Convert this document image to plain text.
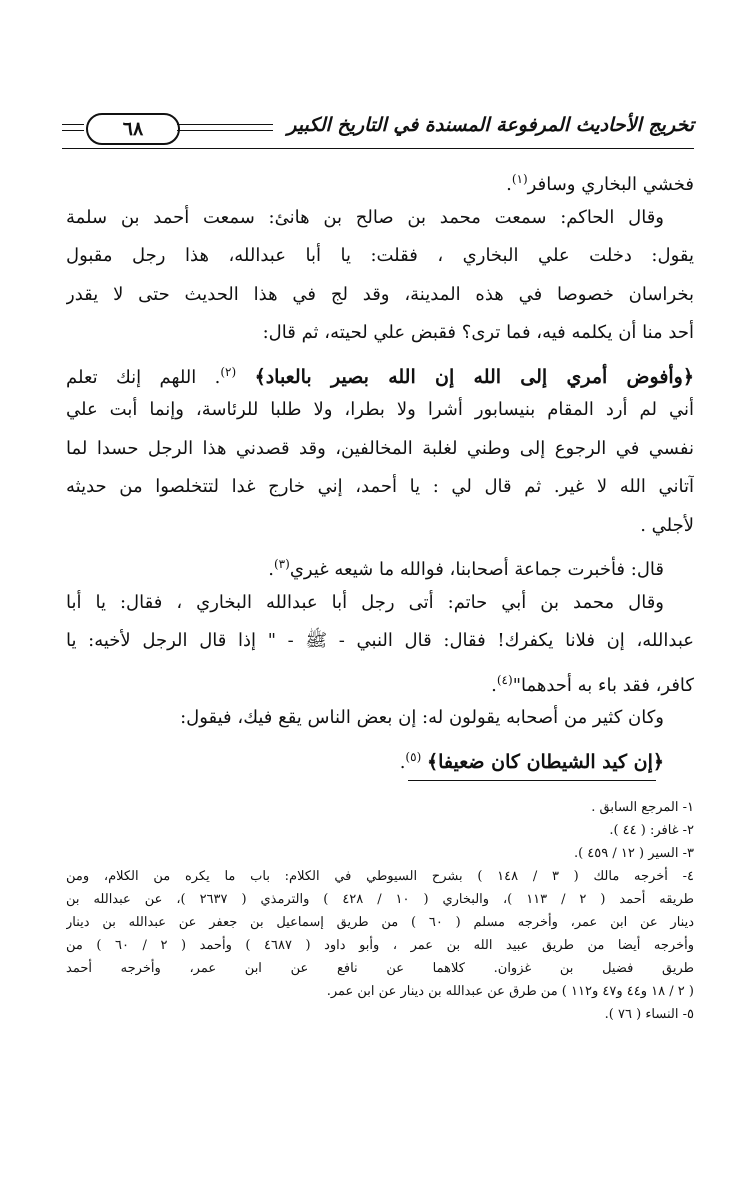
تخريج الأحاديث المرفوعة المسندة في التاريخ الكبير
٦٨
فخشي البخاري وسافر$^{(١)}$.
وقال الحاكم: سمعت محمد بن صالح بن هانئ: سمعت أحمد بن سلمة
يقول: دخلت علي البخاري ، فقلت: يا أبا عبدالله، هذا رجل مقبول
بخراسان خصوصا في هذه المدينة، وقد لج في هذا الحديث حتى لا يقدر
أحد منا أن يكلمه فيه، فما ترى؟ فقبض علي لحيته، ثم قال:
﴿وأفوض أمري إلى الله إن الله بصير بالعباد﴾ $^{(٢)}$. اللهم إنك تعلم
أني لم أرد المقام بنيسابور أشرا ولا بطرا، ولا طلبا للرئاسة، وإنما أبت علي
نفسي في الرجوع إلى وطني لغلبة المخالفين، وقد قصدني هذا الرجل حسدا لما
آتاني الله لا غير. ثم قال لي : يا أحمد، إني خارج غدا لتتخلصوا من حديثه
لأجلي .
قال: فأخبرت جماعة أصحابنا، فوالله ما شيعه غيري$^{(٣)}$.
وقال محمد بن أبي حاتم: أتى رجل أبا عبدالله البخاري ، فقال: يا أبا
عبدالله، إن فلانا يكفرك! فقال: قال النبي - ﷺ - " إذا قال الرجل لأخيه: يا
كافر، فقد باء به أحدهما"$^{(٤)}$.
وكان كثير من أصحابه يقولون له: إن بعض الناس يقع فيك، فيقول:
﴿إن كيد الشيطان كان ضعيفا﴾ $^{(٥)}$.
١- المرجع السابق .
٢- غافر: ( ٤٤ ).
٣- السير ( ١٢ / ٤٥٩ ).
٤- أخرجه مالك ( ٣ / ١٤٨ ) بشرح السيوطي في الكلام: باب ما يكره من الكلام، ومن
طريقه أحمد ( ٢ / ١١٣ )، والبخاري ( ١٠ / ٤٢٨ ) والترمذي ( ٢٦٣٧ )، عن عبدالله بن
دينار عن ابن عمر، وأخرجه مسلم ( ٦٠ ) من طريق إسماعيل بن جعفر عن عبدالله بن دينار
وأخرجه أيضا من طريق عبيد الله بن عمر ، وأبو داود ( ٤٦٨٧ ) وأحمد ( ٢ / ٦٠ ) من
طريق فضيل بن غزوان. كلاهما عن نافع عن ابن عمر، وأخرجه أحمد
( ٢ / ١٨ و٤٤ و٤٧ و١١٢ ) من طرق عن عبدالله بن دينار عن ابن عمر.
٥- النساء ( ٧٦ ).
